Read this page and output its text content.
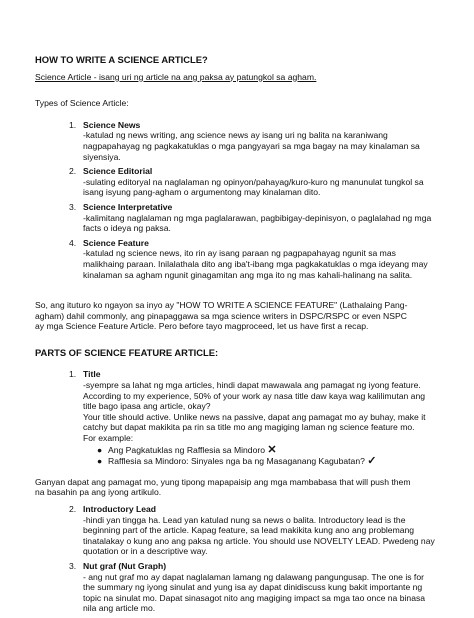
HOW TO WRITE A SCIENCE ARTICLE?

Science Article - isang uri ng article na ang paksa ay patungkol sa agham.

Types of Science Article:

1. Science News

-katulad ng news writing, ang science news ay isang uri ng balita na karaniwang

nagpapahayag ng pagkakatuklas o mga pangyayari sa mga bagay na may kinalaman sa

siyensiya.

2. Science Editorial

-sulating editoryal na naglalaman ng opinyon/pahayag/kuro-kuro ng manunulat tungkol sa

isang isyung pang-agham o argumentong may kinalaman dito.

3. Science Interpretative

-kalimitang naglalaman ng mga paglalarawan, pagbibigay-depinisyon, o paglalahad ng mga

facts o ideya ng paksa.

4. Science Feature

-katulad ng science news, ito rin ay isang paraan ng pagpapahayag ngunit sa mas

malikhaing paraan. Inilalathala dito ang iba't-ibang mga pagkakatuklas o mga ideyang may

kinalaman sa agham ngunit ginagamitan ang mga ito ng mas kahali-halinang na salita.

So, ang ituturo ko ngayon sa inyo ay "HOW TO WRITE A SCIENCE FEATURE" (Lathalaing Pang-

agham) dahil commonly, ang pinapaggawa sa mga science writers in DSPC/RSPC or even NSPC

ay mga Science Feature Article. Pero before tayo magproceed, let us have first a recap.

PARTS OF SCIENCE FEATURE ARTICLE:

1. Title

-syempre sa lahat ng mga articles, hindi dapat mawawala ang pamagat ng iyong feature.

According to my experience, 50% of your work ay nasa title daw kaya wag kalilimutan ang

title bago ipasa ang article, okay?

Your title should active. Unlike news na passive, dapat ang pamagat mo ay buhay, make it

catchy but dapat makikita pa rin sa title mo ang magiging laman ng science feature mo.

For example:

● Ang Pagkatuklas ng Rafflesia sa Mindoro ✕
● Rafflesia sa Mindoro: Sinyales nga ba ng Masaganang Kagubatan? ✓

Ganyan dapat ang pamagat mo, yung tipong mapapaisip ang mga mambabasa that will push them

na basahin pa ang iyong artikulo.

2. Introductory Lead

-hindi yan tingga ha. Lead yan katulad nung sa news o balita. Introductory lead is the

beginning part of the article. Kapag feature, sa lead makikita kung ano ang problemang

tinatalakay o kung ano ang paksa ng article. You should use NOVELTY LEAD. Pwedeng nay

quotation or in a descriptive way.

3. Nut graf (Nut Graph)

- ang nut graf mo ay dapat naglalaman lamang ng dalawang pangungusap. The one is for

the summary ng iyong sinulat and yung isa ay dapat dinidiscuss kung bakit importante ng

topic na sinulat mo. Dapat sinasagot nito ang magiging impact sa mga tao once na binasa

nila ang article mo.
